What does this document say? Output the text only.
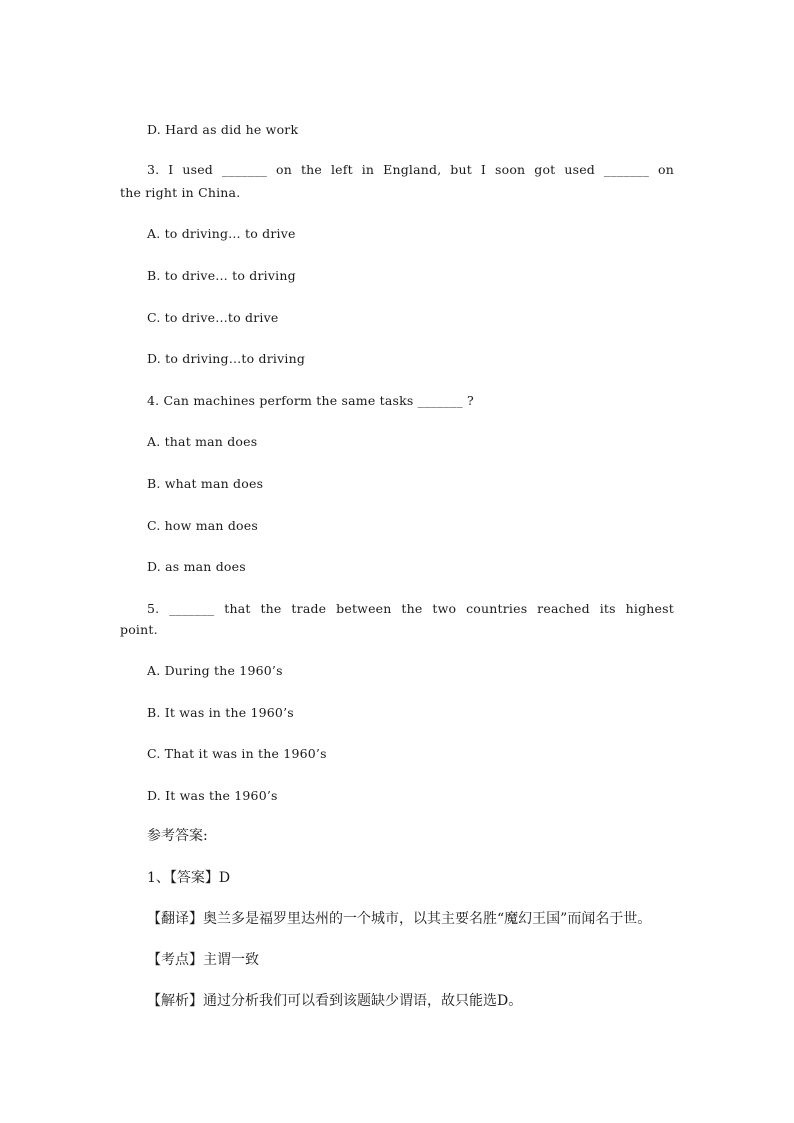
D. Hard as did he work
3. I used _______ on the left in England, but I soon got used _______ on
the right in China.
A. to driving… to drive
B. to drive… to driving
C. to drive…to drive
D. to driving…to driving
4. Can machines perform the same tasks _______ ?
A. that man does
B. what man does
C. how man does
D. as man does
5. _______ that the trade between the two countries reached its highest
point.
A. During the 1960’s
B. It was in the 1960’s
C. That it was in the 1960’s
D. It was the 1960’s
参考答案:
1、【答案】D
【翻译】奥兰多是福罗里达州的一个城市，以其主要名胜“魔幻王国”而闻名于世。
【考点】主谓一致
【解析】通过分析我们可以看到该题缺少谓语，故只能选D。
